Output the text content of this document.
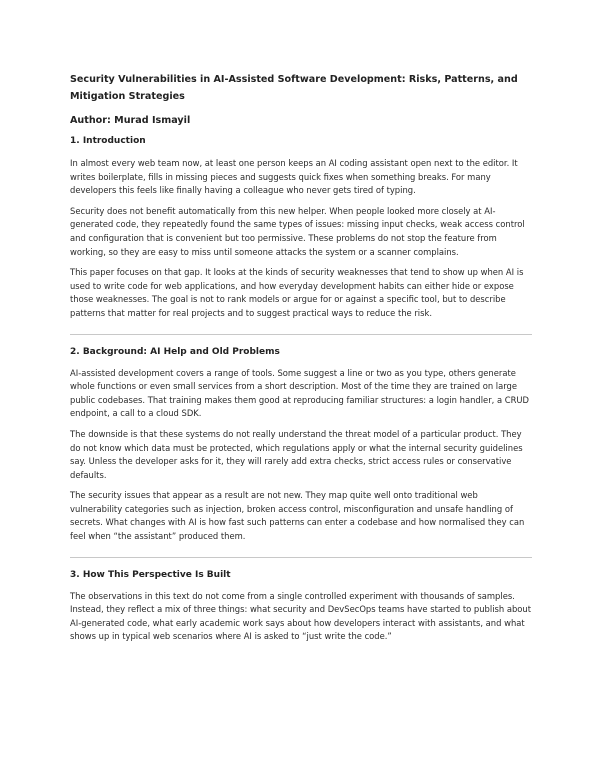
Security Vulnerabilities in AI-Assisted Software Development: Risks, Patterns, and Mitigation Strategies
Author: Murad Ismayil
1. Introduction

In almost every web team now, at least one person keeps an AI coding assistant open next to the editor. It writes boilerplate, fills in missing pieces and suggests quick fixes when something breaks. For many developers this feels like finally having a colleague who never gets tired of typing.

Security does not benefit automatically from this new helper. When people looked more closely at AI-generated code, they repeatedly found the same types of issues: missing input checks, weak access control and configuration that is convenient but too permissive. These problems do not stop the feature from working, so they are easy to miss until someone attacks the system or a scanner complains.

This paper focuses on that gap. It looks at the kinds of security weaknesses that tend to show up when AI is used to write code for web applications, and how everyday development habits can either hide or expose those weaknesses. The goal is not to rank models or argue for or against a specific tool, but to describe patterns that matter for real projects and to suggest practical ways to reduce the risk.

2. Background: AI Help and Old Problems

AI-assisted development covers a range of tools. Some suggest a line or two as you type, others generate whole functions or even small services from a short description. Most of the time they are trained on large public codebases. That training makes them good at reproducing familiar structures: a login handler, a CRUD endpoint, a call to a cloud SDK.

The downside is that these systems do not really understand the threat model of a particular product. They do not know which data must be protected, which regulations apply or what the internal security guidelines say. Unless the developer asks for it, they will rarely add extra checks, strict access rules or conservative defaults.

The security issues that appear as a result are not new. They map quite well onto traditional web vulnerability categories such as injection, broken access control, misconfiguration and unsafe handling of secrets. What changes with AI is how fast such patterns can enter a codebase and how normalised they can feel when “the assistant” produced them.

3. How This Perspective Is Built

The observations in this text do not come from a single controlled experiment with thousands of samples. Instead, they reflect a mix of three things: what security and DevSecOps teams have started to publish about AI-generated code, what early academic work says about how developers interact with assistants, and what shows up in typical web scenarios where AI is asked to “just write the code.”
